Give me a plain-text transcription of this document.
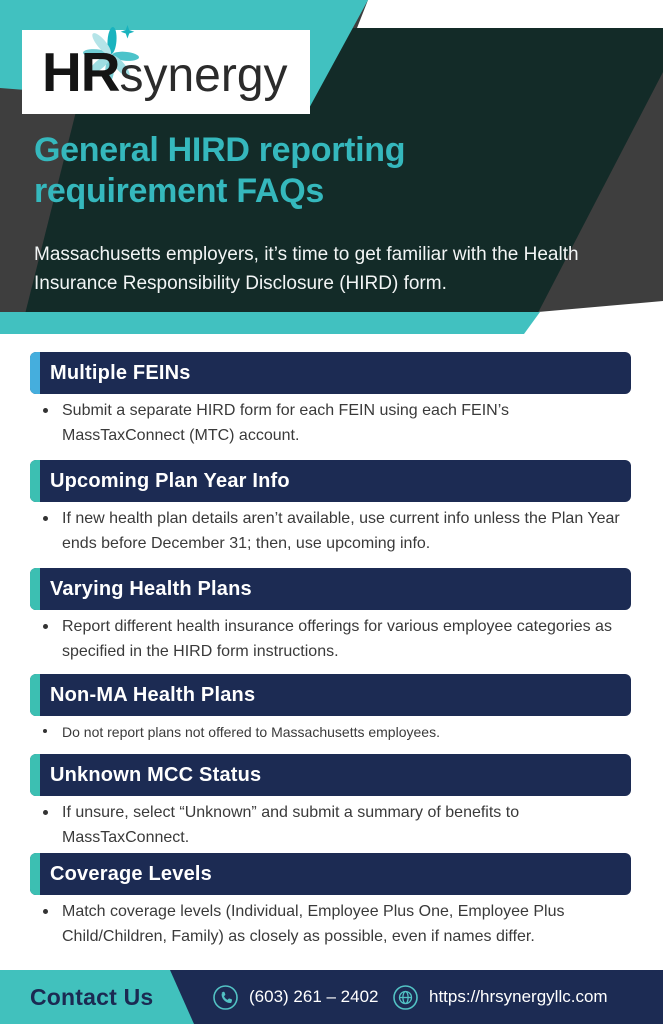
HRsynergy
General HIRD reporting requirement FAQs
Massachusetts employers, it’s time to get familiar with the Health Insurance Responsibility Disclosure (HIRD) form.
Multiple FEINs
Submit a separate HIRD form for each FEIN using each FEIN’s MassTaxConnect (MTC) account.
Upcoming Plan Year Info
If new health plan details aren’t available, use current info unless the Plan Year ends before December 31; then, use upcoming info.
Varying Health Plans
Report different health insurance offerings for various employee categories as specified in the HIRD form instructions.
Non-MA Health Plans
Do not report plans not offered to Massachusetts employees.
Unknown MCC Status
If unsure, select “Unknown” and submit a summary of benefits to MassTaxConnect.
Coverage Levels
Match coverage levels (Individual, Employee Plus One, Employee Plus Child/Children, Family) as closely as possible, even if names differ.
Contact Us	(603) 261 – 2402	https://hrsynergyllc.com
